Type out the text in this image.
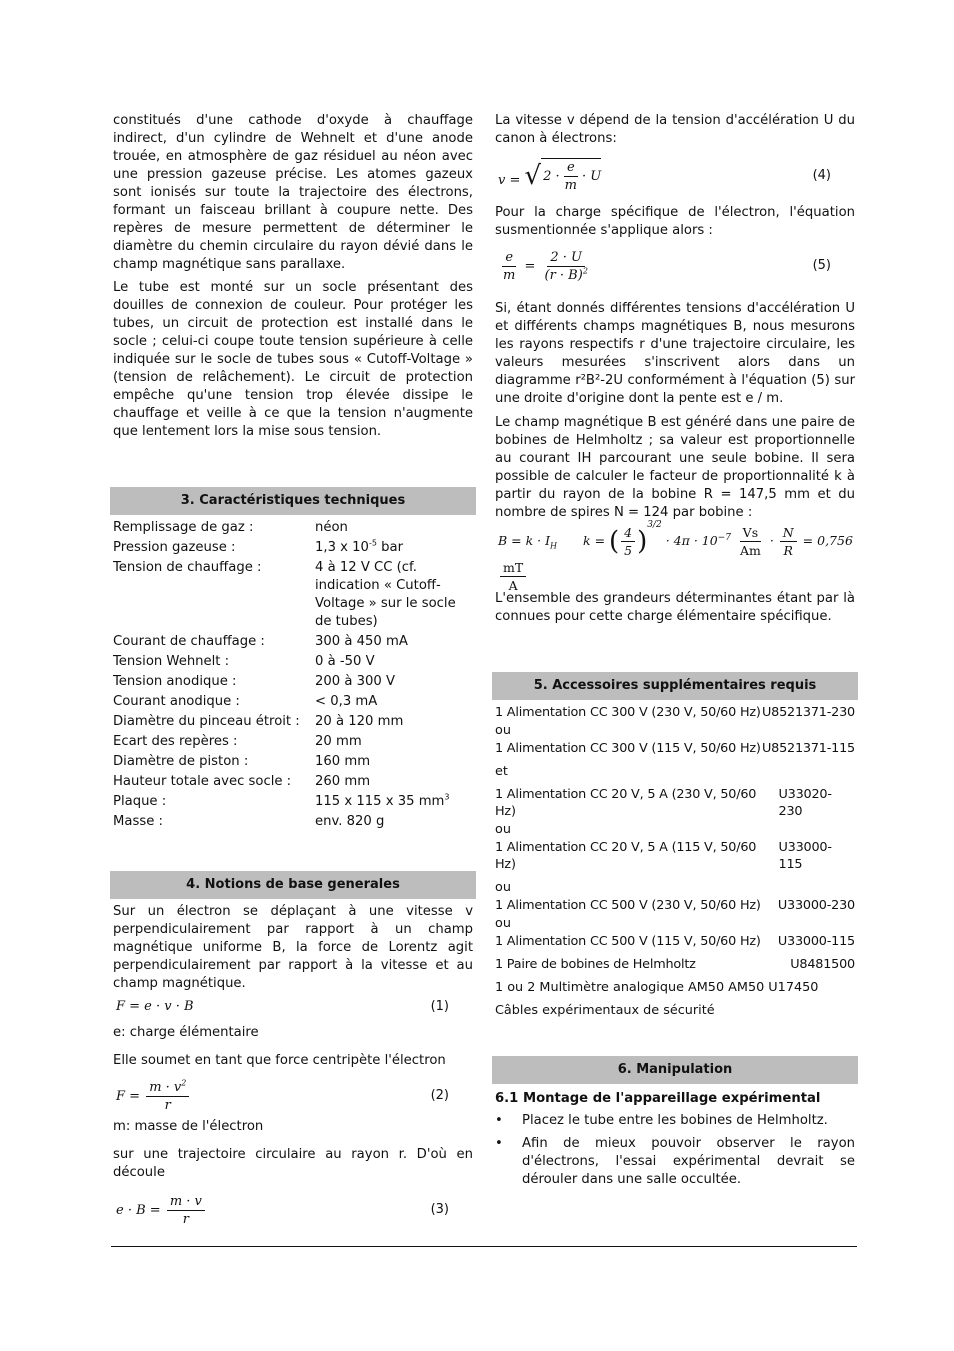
constitués d'une cathode d'oxyde à chauffage indirect, d'un cylindre de Wehnelt et d'une anode trouée, en atmosphère de gaz résiduel au néon avec une pression gazeuse précise. Les atomes gazeux sont ionisés sur toute la trajectoire des électrons, formant un faisceau brillant à coupure nette. Des repères de mesure permettent de déterminer le diamètre du chemin circulaire du rayon dévié dans le champ magnétique sans parallaxe.

Le tube est monté sur un socle présentant des douilles de connexion de couleur. Pour protéger les tubes, un circuit de protection est installé dans le socle ; celui-ci coupe toute tension supérieure à celle indiquée sur le socle de tubes sous « Cutoff-Voltage » (tension de relâchement). Le circuit de protection empêche qu'une tension trop élevée dissipe le chauffage et veille à ce que la tension n'augmente que lentement lors la mise sous tension.

3. Caractéristiques techniques
Remplissage de gaz :	néon
Pression gazeuse :	1,3 x $10^{-5}$ bar
Tension de chauffage :	4 à 12 V CC (cf. indication « Cutoff-Voltage » sur le socle de tubes)
Courant de chauffage :	300 à 450 mA
Tension Wehnelt :	0 à -50 V
Tension anodique :	200 à 300 V
Courant anodique :	< 0,3 mA
Diamètre du pinceau étroit :	20 à 120 mm
Ecart des repères :	20 mm
Diamètre de piston :	160 mm
Hauteur totale avec socle :	260 mm
Plaque :	115 x 115 x 35 $mm^3$
Masse :	env. 820 g
4. Notions de base generales

Sur un électron se déplaçant à une vitesse v perpendiculairement par rapport à un champ magnétique uniforme B, la force de Lorentz agit perpendiculairement par rapport à la vitesse et au champ magnétique.

F = e · v · B	(1)

e: charge élémentaire

Elle soumet en tant que force centripète l'électron

$F = \frac{m \cdot v^2}{r}$	(2)

m: masse de l'électron

sur une trajectoire circulaire au rayon r. D'où en découle

$e \cdot B = \frac{m \cdot v}{r}$	(3)

La vitesse v dépend de la tension d'accélération U du canon à électrons:

v = √ $2 \cdot \frac{e}{m} \cdot U$	(4)

Pour la charge spécifique de l'électron, l'équation susmentionnée s'applique alors :

$\frac{e}{m} = \frac{2 \cdot U}{(r \cdot B)^2}$	(5)

Si, étant donnés différentes tensions d'accélération U et différents champs magnétiques B, nous mesurons les rayons respectifs r d'une trajectoire circulaire, les valeurs mesurées s'inscrivent alors dans un diagramme r²B²-2U conformément à l'équation (5) sur une droite d'origine dont la pente est e / m.

Le champ magnétique B est généré dans une paire de bobines de Helmholtz ; sa valeur est proportionnelle au courant IH parcourant une seule bobine. Il sera possible de calculer le facteur de proportionnalité k à partir du rayon de la bobine R = 147,5 mm et du nombre de spires N = 124 par bobine :

$B = k \cdot I_H$ k = ( $\frac{4}{5} )^{3/2} \cdot 4\pi \cdot 10^{-7} \frac{Vs}{Am} \cdot \frac{N}{R} = 0,756$
$\frac{mT}{A}$

L'ensemble des grandeurs déterminantes étant par là connues pour cette charge élémentaire spécifique.

5. Accessoires supplémentaires requis
1 Alimentation CC 300 V (230 V, 50/60 Hz) U8521371-230
ou
1 Alimentation CC 300 V (115 V, 50/60 Hz) U8521371-115
et
1 Alimentation CC 20 V, 5 A (230 V, 50/60 Hz)
U33020-230
ou
1 Alimentation CC 20 V, 5 A (115 V, 50/60 Hz)
U33000-115
ou
1 Alimentation CC 500 V (230 V, 50/60 Hz) U33000-230
ou
1 Alimentation CC 500 V (115 V, 50/60 Hz) U33000-115
1 Paire de bobines de Helmholtz	U8481500
1 ou 2 Multimètre analogique AM50 AM50 U17450
Câbles expérimentaux de sécurité
6. Manipulation
6.1 Montage de l'appareillage expérimental
• Placez le tube entre les bobines de Helmholtz.
• Afin de mieux pouvoir observer le rayon d'électrons, l'essai expérimental devrait se dérouler dans une salle occultée.
